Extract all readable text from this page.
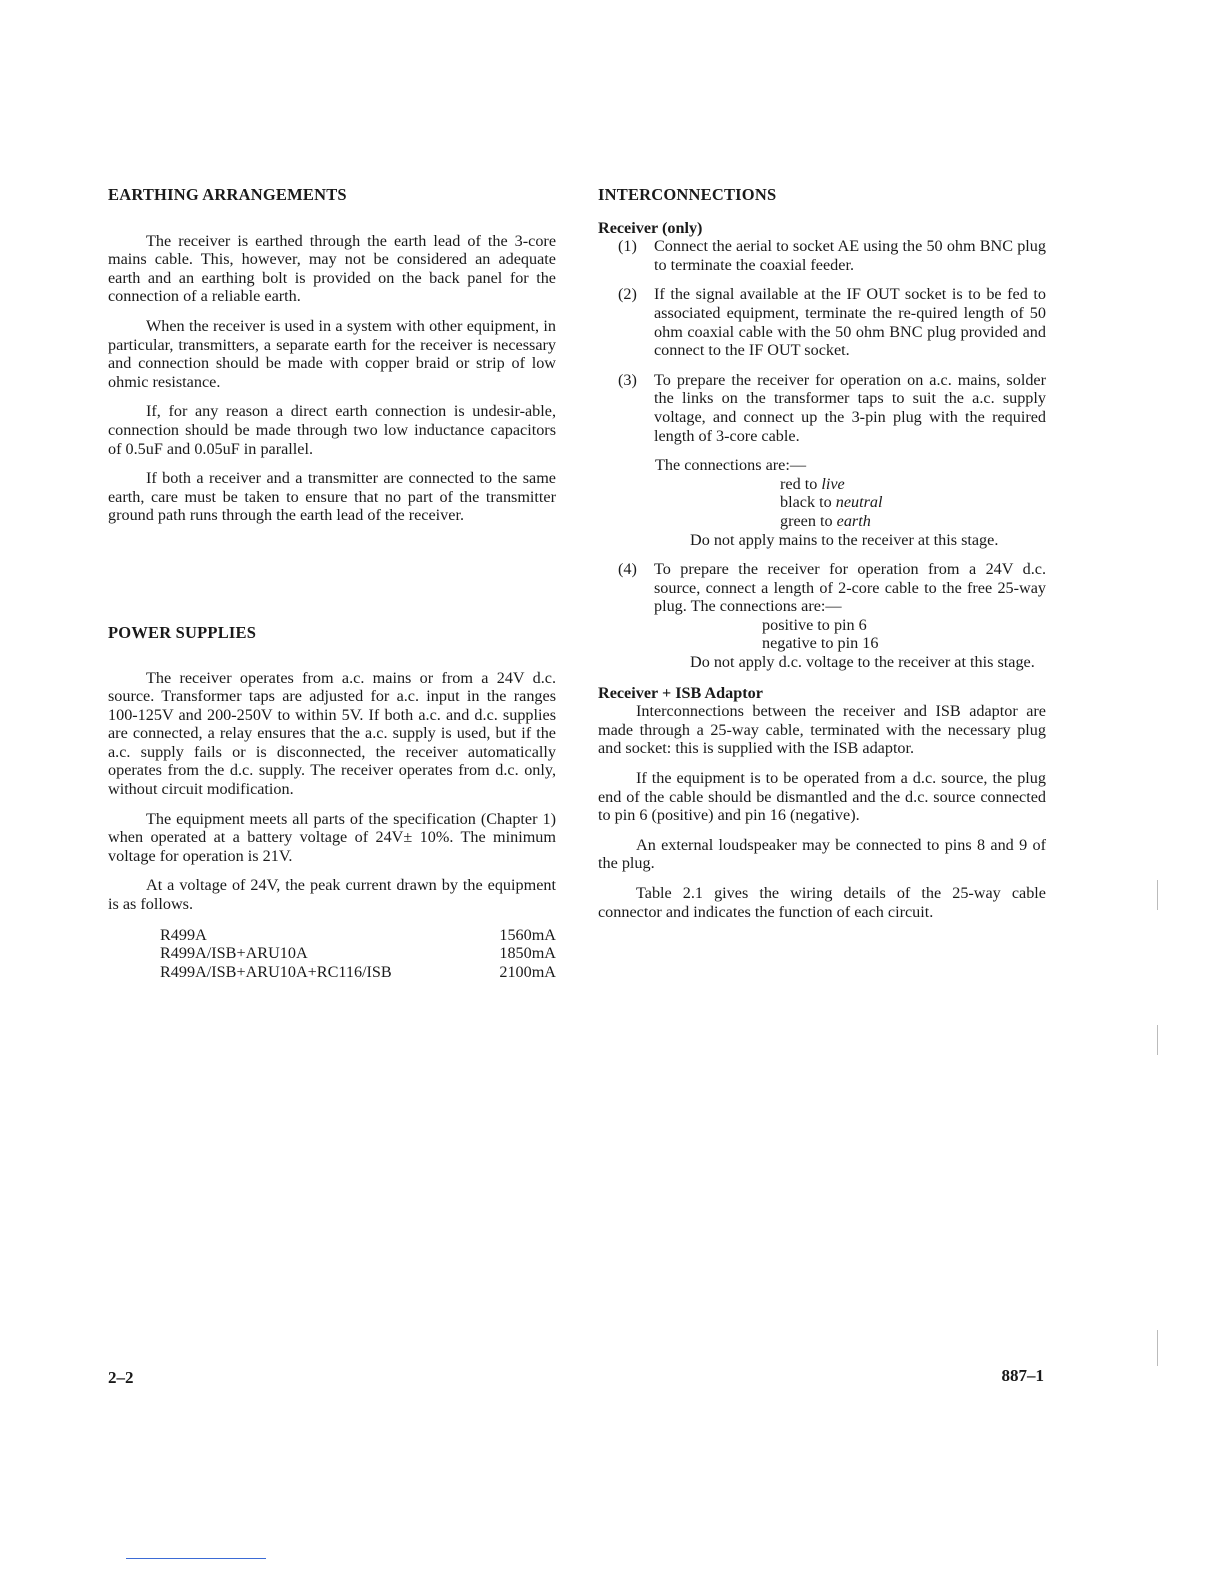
EARTHING ARRANGEMENTS

The receiver is earthed through the earth lead of the 3-core mains cable. This, however, may not be considered an adequate earth and an earthing bolt is provided on the back panel for the connection of a reliable earth.

When the receiver is used in a system with other equipment, in particular, transmitters, a separate earth for the receiver is necessary and connection should be made with copper braid or strip of low ohmic resistance.

If, for any reason a direct earth connection is undesir-able, connection should be made through two low inductance capacitors of 0.5uF and 0.05uF in parallel.

If both a receiver and a transmitter are connected to the same earth, care must be taken to ensure that no part of the transmitter ground path runs through the earth lead of the receiver.

POWER SUPPLIES

The receiver operates from a.c. mains or from a 24V d.c. source. Transformer taps are adjusted for a.c. input in the ranges 100-125V and 200-250V to within 5V. If both a.c. and d.c. supplies are connected, a relay ensures that the a.c. supply is used, but if the a.c. supply fails or is disconnected, the receiver automatically operates from the d.c. supply. The receiver operates from d.c. only, without circuit modification.

The equipment meets all parts of the specification (Chapter 1) when operated at a battery voltage of 24V± 10%. The minimum voltage for operation is 21V.

At a voltage of 24V, the peak current drawn by the equipment is as follows.

R499A	1560mA
R499A/ISB+ARU10A	1850mA
R499A/ISB+ARU10A+RC116/ISB	2100mA
INTERCONNECTIONS

Receiver (only)

(1)	Connect the aerial to socket AE using the 50 ohm BNC plug to terminate the coaxial feeder.
(2)	If the signal available at the IF OUT socket is to be fed to associated equipment, terminate the re-quired length of 50 ohm coaxial cable with the 50 ohm BNC plug provided and connect to the IF OUT socket.
(3)	To prepare the receiver for operation on a.c. mains, solder the links on the transformer taps to suit the a.c. supply voltage, and connect up the 3-pin plug with the required length of 3-core cable.

The connections are:—

red to live
black to neutral
green to earth

Do not apply mains to the receiver at this stage.

(4)	To prepare the receiver for operation from a 24V d.c. source, connect a length of 2-core cable to the free 25-way plug. The connections are:—
positive to pin 6
negative to pin 16

Do not apply d.c. voltage to the receiver at this stage.

Receiver + ISB Adaptor

Interconnections between the receiver and ISB adaptor are made through a 25-way cable, terminated with the necessary plug and socket: this is supplied with the ISB adaptor.

If the equipment is to be operated from a d.c. source, the plug end of the cable should be dismantled and the d.c. source connected to pin 6 (positive) and pin 16 (negative).

An external loudspeaker may be connected to pins 8 and 9 of the plug.

Table 2.1 gives the wiring details of the 25-way cable connector and indicates the function of each circuit.

2–2	887–1
